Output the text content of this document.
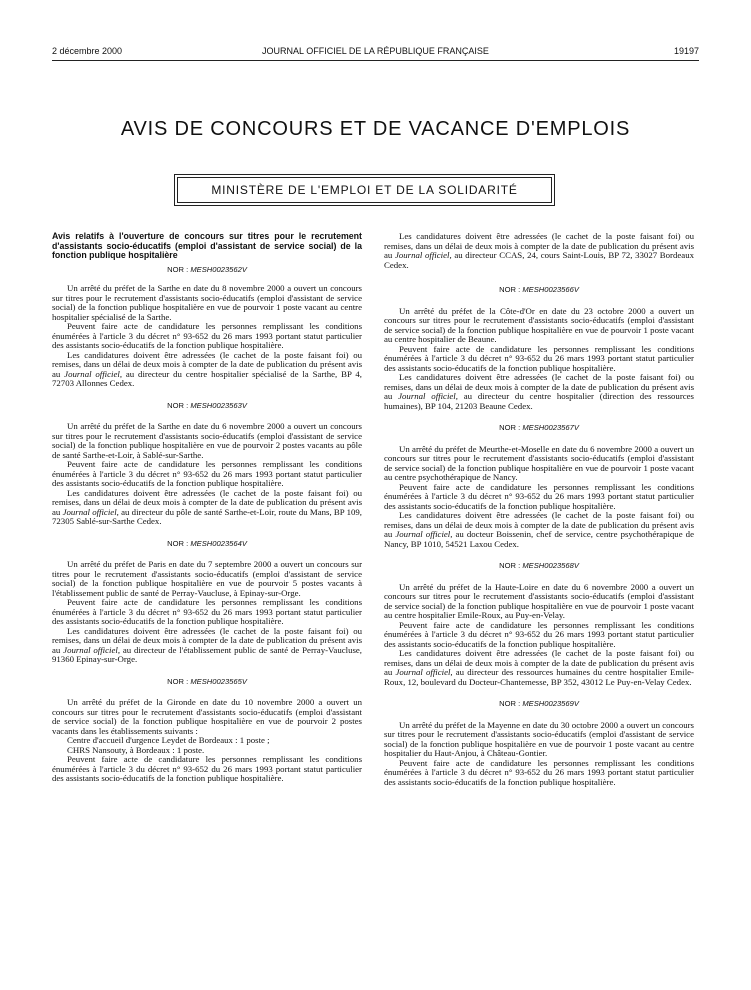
2 décembre 2000	JOURNAL OFFICIEL DE LA RÉPUBLIQUE FRANÇAISE	19197
AVIS DE CONCOURS ET DE VACANCE D'EMPLOIS
MINISTÈRE DE L'EMPLOI ET DE LA SOLIDARITÉ

Avis relatifs à l'ouverture de concours sur titres pour le recrutement d'assistants socio-éducatifs (emploi d'assistant de service social) de la fonction publique hospitalière

NOR : MESH0023562V

Un arrêté du préfet de la Sarthe en date du 8 novembre 2000 a ouvert un concours sur titres pour le recrutement d'assistants socio-éducatifs (emploi d'assistant de service social) de la fonction publique hospitalière en vue de pourvoir 1 poste vacant au centre hospitalier spécialisé de la Sarthe.

Peuvent faire acte de candidature les personnes remplissant les conditions énumérées à l'article 3 du décret n° 93-652 du 26 mars 1993 portant statut particulier des assistants socio-éducatifs de la fonction publique hospitalière.

Les candidatures doivent être adressées (le cachet de la poste faisant foi) ou remises, dans un délai de deux mois à compter de la date de publication du présent avis au Journal officiel, au directeur du centre hospitalier spécialisé de la Sarthe, BP 4, 72703 Allonnes Cedex.

NOR : MESH0023563V

Un arrêté du préfet de la Sarthe en date du 6 novembre 2000 a ouvert un concours sur titres pour le recrutement d'assistants socio-éducatifs (emploi d'assistant de service social) de la fonction publique hospitalière en vue de pourvoir 2 postes vacants au pôle de santé Sarthe-et-Loir, à Sablé-sur-Sarthe.

Peuvent faire acte de candidature les personnes remplissant les conditions énumérées à l'article 3 du décret n° 93-652 du 26 mars 1993 portant statut particulier des assistants socio-éducatifs de la fonction publique hospitalière.

Les candidatures doivent être adressées (le cachet de la poste faisant foi) ou remises, dans un délai de deux mois à compter de la date de publication du présent avis au Journal officiel, au directeur du pôle de santé Sarthe-et-Loir, route du Mans, BP 109, 72305 Sablé-sur-Sarthe Cedex.

NOR : MESH0023564V

Un arrêté du préfet de Paris en date du 7 septembre 2000 a ouvert un concours sur titres pour le recrutement d'assistants socio-éducatifs (emploi d'assistant de service social) de la fonction publique hospitalière en vue de pourvoir 5 postes vacants à l'établissement public de santé de Perray-Vaucluse, à Epinay-sur-Orge.

Peuvent faire acte de candidature les personnes remplissant les conditions énumérées à l'article 3 du décret n° 93-652 du 26 mars 1993 portant statut particulier des assistants socio-éducatifs de la fonction publique hospitalière.

Les candidatures doivent être adressées (le cachet de la poste faisant foi) ou remises, dans un délai de deux mois à compter de la date de publication du présent avis au Journal officiel, au directeur de l'établissement public de santé de Perray-Vaucluse, 91360 Epinay-sur-Orge.

NOR : MESH0023565V

Un arrêté du préfet de la Gironde en date du 10 novembre 2000 a ouvert un concours sur titres pour le recrutement d'assistants socio-éducatifs (emploi d'assistant de service social) de la fonction publique hospitalière en vue de pourvoir 2 postes vacants dans les établissements suivants :

Centre d'accueil d'urgence Leydet de Bordeaux : 1 poste ;

CHRS Nansouty, à Bordeaux : 1 poste.

Peuvent faire acte de candidature les personnes remplissant les conditions énumérées à l'article 3 du décret n° 93-652 du 26 mars 1993 portant statut particulier des assistants socio-éducatifs de la fonction publique hospitalière.

Les candidatures doivent être adressées (le cachet de la poste faisant foi) ou remises, dans un délai de deux mois à compter de la date de publication du présent avis au Journal officiel, au directeur CCAS, 24, cours Saint-Louis, BP 72, 33027 Bordeaux Cedex.

NOR : MESH0023566V

Un arrêté du préfet de la Côte-d'Or en date du 23 octobre 2000 a ouvert un concours sur titres pour le recrutement d'assistants socio-éducatifs (emploi d'assistant de service social) de la fonction publique hospitalière en vue de pourvoir 1 poste vacant au centre hospitalier de Beaune.

Peuvent faire acte de candidature les personnes remplissant les conditions énumérées à l'article 3 du décret n° 93-652 du 26 mars 1993 portant statut particulier des assistants socio-éducatifs de la fonction publique hospitalière.

Les candidatures doivent être adressées (le cachet de la poste faisant foi) ou remises, dans un délai de deux mois à compter de la date de publication du présent avis au Journal officiel, au directeur du centre hospitalier (direction des ressources humaines), BP 104, 21203 Beaune Cedex.

NOR : MESH0023567V

Un arrêté du préfet de Meurthe-et-Moselle en date du 6 novembre 2000 a ouvert un concours sur titres pour le recrutement d'assistants socio-éducatifs (emploi d'assistant de service social) de la fonction publique hospitalière en vue de pourvoir 1 poste vacant au centre psychothérapique de Nancy.

Peuvent faire acte de candidature les personnes remplissant les conditions énumérées à l'article 3 du décret n° 93-652 du 26 mars 1993 portant statut particulier des assistants socio-éducatifs de la fonction publique hospitalière.

Les candidatures doivent être adressées (le cachet de la poste faisant foi) ou remises, dans un délai de deux mois à compter de la date de publication du présent avis au Journal officiel, au docteur Boissenin, chef de service, centre psychothérapique de Nancy, BP 1010, 54521 Laxou Cedex.

NOR : MESH0023568V

Un arrêté du préfet de la Haute-Loire en date du 6 novembre 2000 a ouvert un concours sur titres pour le recrutement d'assistants socio-éducatifs (emploi d'assistant de service social) de la fonction publique hospitalière en vue de pourvoir 1 poste vacant au centre hospitalier Emile-Roux, au Puy-en-Velay.

Peuvent faire acte de candidature les personnes remplissant les conditions énumérées à l'article 3 du décret n° 93-652 du 26 mars 1993 portant statut particulier des assistants socio-éducatifs de la fonction publique hospitalière.

Les candidatures doivent être adressées (le cachet de la poste faisant foi) ou remises, dans un délai de deux mois à compter de la date de publication du présent avis au Journal officiel, au directeur des ressources humaines du centre hospitalier Emile-Roux, 12, boulevard du Docteur-Chantemesse, BP 352, 43012 Le Puy-en-Velay Cedex.

NOR : MESH0023569V

Un arrêté du préfet de la Mayenne en date du 30 octobre 2000 a ouvert un concours sur titres pour le recrutement d'assistants socio-éducatifs (emploi d'assistant de service social) de la fonction publique hospitalière en vue de pourvoir 1 poste vacant au centre hospitalier du Haut-Anjou, à Château-Gontier.

Peuvent faire acte de candidature les personnes remplissant les conditions énumérées à l'article 3 du décret n° 93-652 du 26 mars 1993 portant statut particulier des assistants socio-éducatifs de la fonction publique hospitalière.
